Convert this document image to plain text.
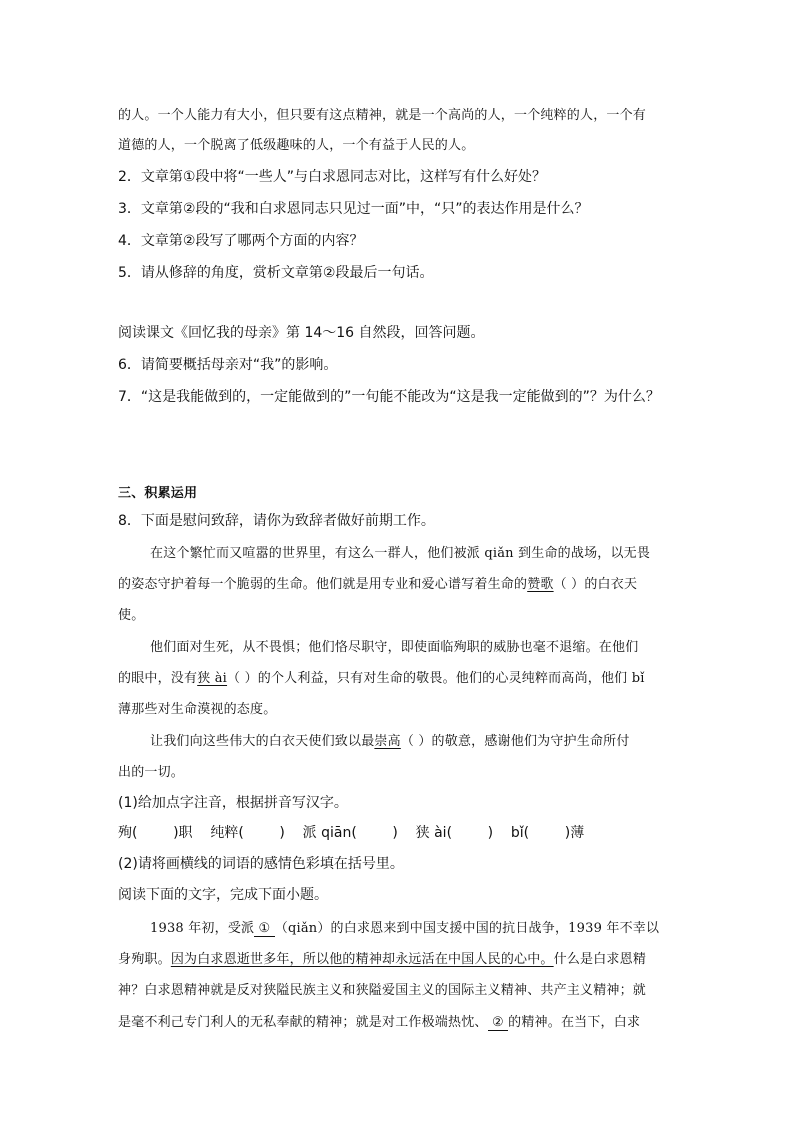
的人。一个人能力有大小，但只要有这点精神，就是一个高尚的人，一个纯粹的人，一个有
道德的人，一个脱离了低级趣味的人，一个有益于人民的人。
2．文章第①段中将“一些人”与白求恩同志对比，这样写有什么好处？
3．文章第②段的“我和白求恩同志只见过一面”中，“只”的表达作用是什么？
4．文章第②段写了哪两个方面的内容？
5．请从修辞的角度，赏析文章第②段最后一句话。
阅读课文《回忆我的母亲》第 14～16 自然段，回答问题。
6．请简要概括母亲对“我”的影响。
7．“这是我能做到的，一定能做到的”一句能不能改为“这是我一定能做到的”？为什么？
三、积累运用
8．下面是慰问致辞，请你为致辞者做好前期工作。
在这个繁忙而又喧嚣的世界里，有这么一群人，他们被派 qiǎn 到生命的战场，以无畏
的姿态守护着每一个脆弱的生命。他们就是用专业和爱心谱写着生命的赞歌（ ）的白衣天
使。
他们面对生死，从不畏惧；他们恪尽职守，即使面临殉职的威胁也毫不退缩。在他们
的眼中，没有狭 ài（ ）的个人利益，只有对生命的敬畏。他们的心灵纯粹而高尚，他们 bǐ
薄那些对生命漠视的态度。
让我们向这些伟大的白衣天使们致以最崇高（ ）的敬意，感谢他们为守护生命所付
出的一切。
(1)给加点字注音，根据拼音写汉字。
殉(        )职    纯粹(        )    派 qiān(        )    狭 ài(        )    bǐ(        )薄
(2)请将画横线的词语的感情色彩填在括号里。
阅读下面的文字，完成下面小题。
1938 年初，受派 ① （qiǎn）的白求恩来到中国支援中国的抗日战争，1939 年不幸以
身殉职。因为白求恩逝世多年，所以他的精神却永远活在中国人民的心中。什么是白求恩精
神？白求恩精神就是反对狭隘民族主义和狭隘爱国主义的国际主义精神、共产主义精神；就
是毫不利己专门利人的无私奉献的精神；就是对工作极端热忱、 ② 的精神。在当下，白求
